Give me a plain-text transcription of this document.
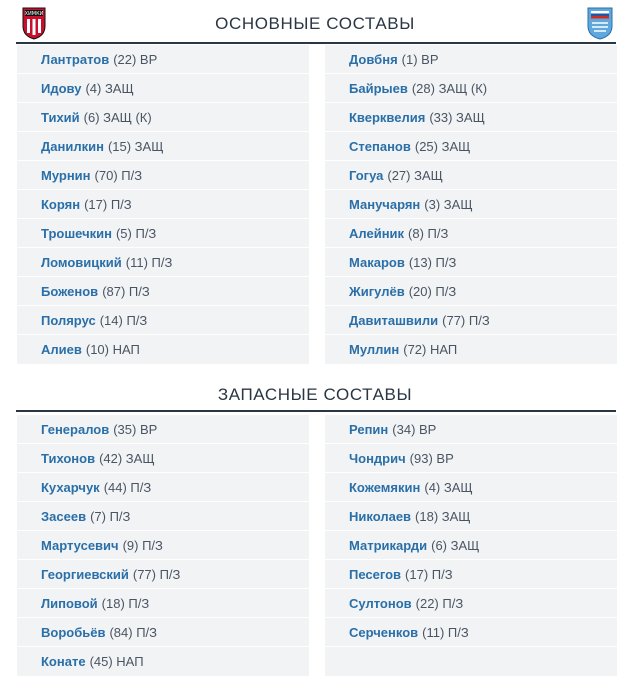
ХИМКИ	ОСНОВНЫЕ СОСТАВЫ
Лантратов (22) ВР
Идову (4) ЗАЩ
Тихий (6) ЗАЩ (К)
Данилкин (15) ЗАЩ
Мурнин (70) П/З
Корян (17) П/З
Трошечкин (5) П/З
Ломовицкий (11) П/З
Боженов (87) П/З
Полярус (14) П/З
Алиев (10) НАП
Довбня (1) ВР
Байрыев (28) ЗАЩ (К)
Кверквелия (33) ЗАЩ
Степанов (25) ЗАЩ
Гогуа (27) ЗАЩ
Манучарян (3) ЗАЩ
Алейник (8) П/З
Макаров (13) П/З
Жигулёв (20) П/З
Давиташвили (77) П/З
Муллин (72) НАП
ЗАПАСНЫЕ СОСТАВЫ
Генералов (35) ВР
Тихонов (42) ЗАЩ
Кухарчук (44) П/З
Засеев (7) П/З
Мартусевич (9) П/З
Георгиевский (77) П/З
Липовой (18) П/З
Воробьёв (84) П/З
Конате (45) НАП
Репин (34) ВР
Чондрич (93) ВР
Кожемякин (4) ЗАЩ
Николаев (18) ЗАЩ
Матрикарди (6) ЗАЩ
Песегов (17) П/З
Султонов (22) П/З
Серченков (11) П/З
